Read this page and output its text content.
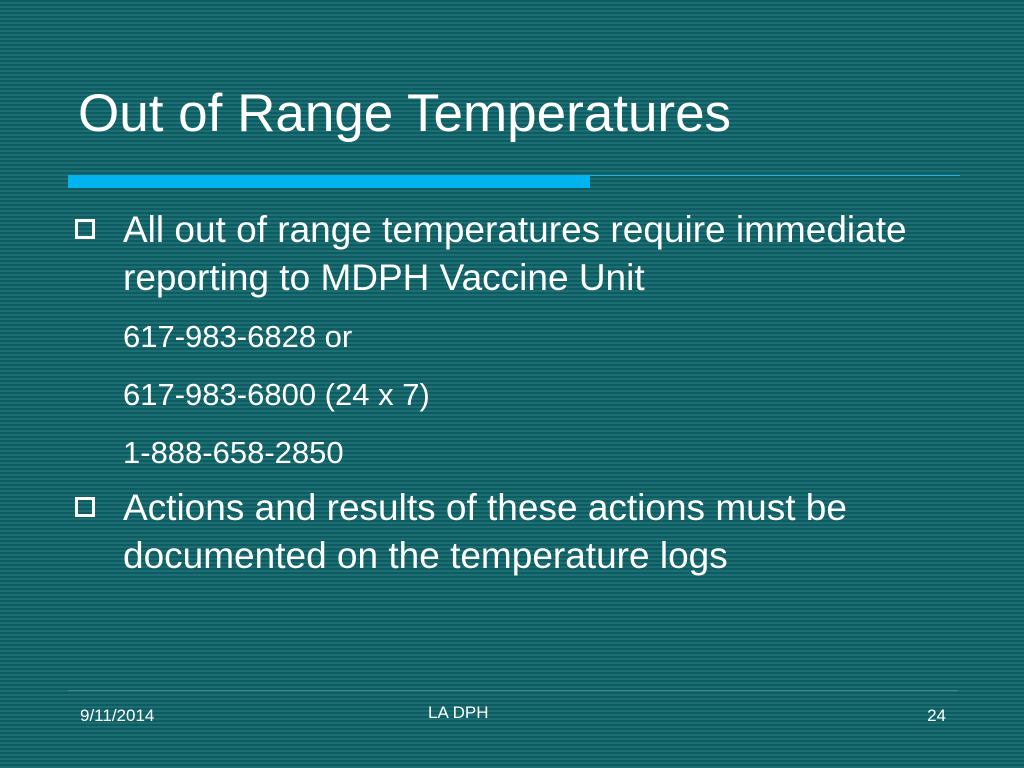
Out of Range Temperatures
All out of range temperatures require immediate reporting to MDPH Vaccine Unit
617-983-6828 or
617-983-6800 (24 x 7)
1-888-658-2850
Actions and results of these actions must be documented on the temperature logs
9/11/2014	LA DPH	24
